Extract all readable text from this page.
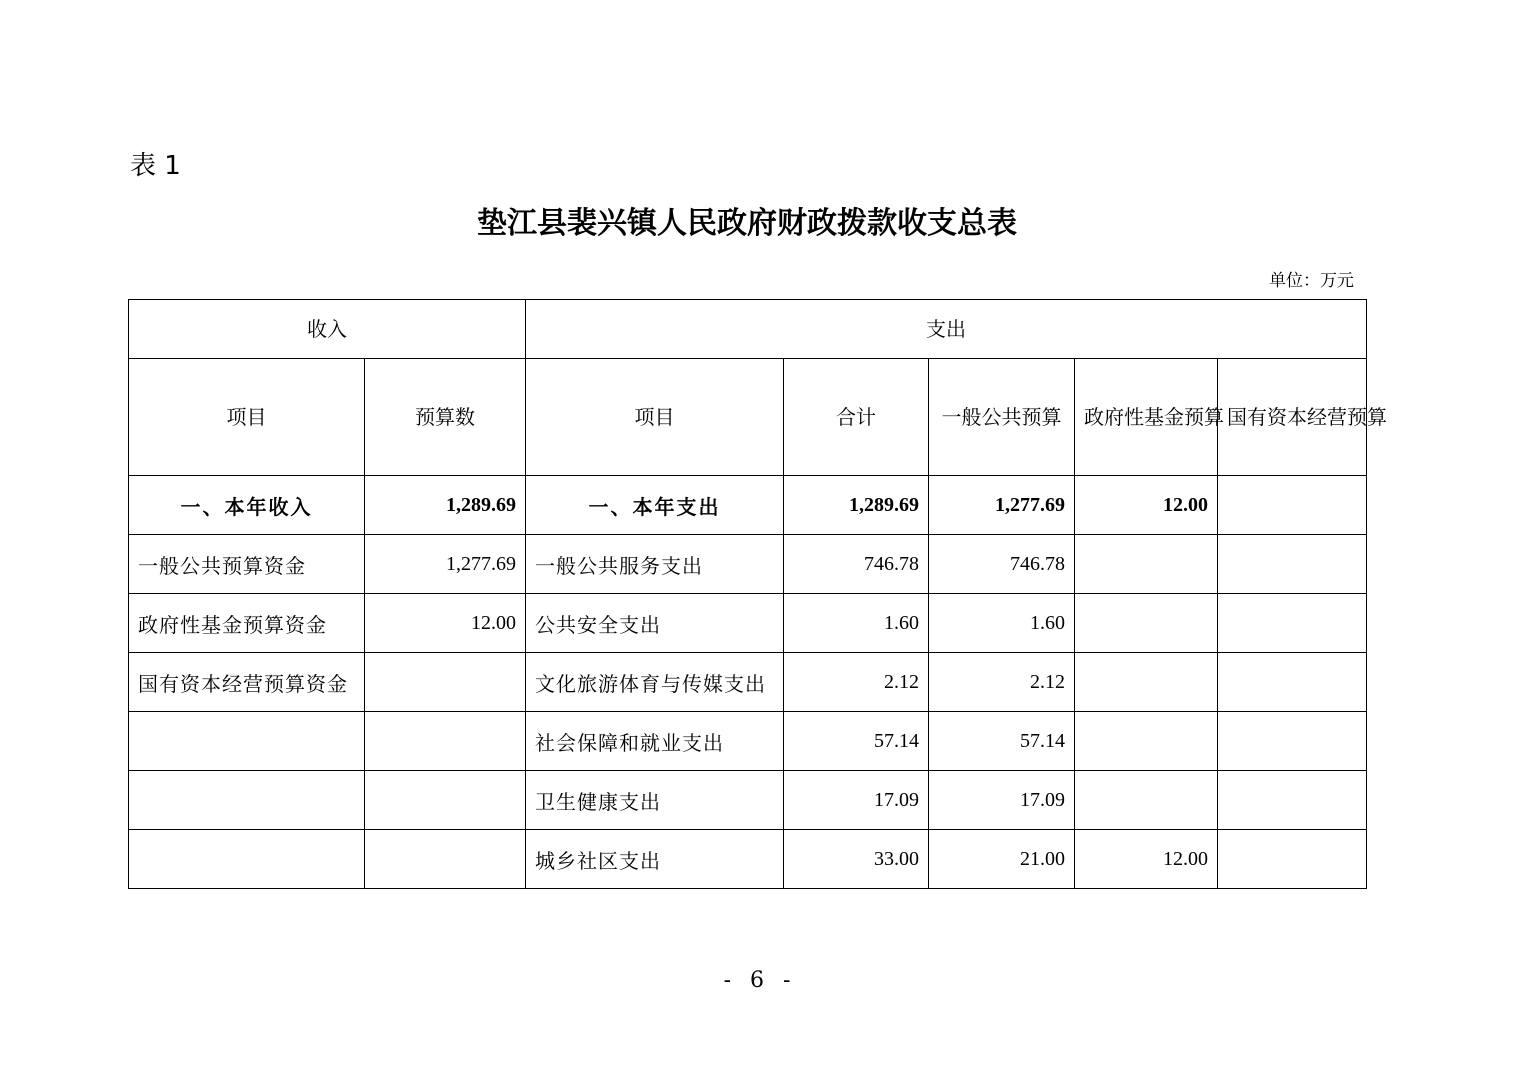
表 1
垫江县裴兴镇人民政府财政拨款收支总表
单位：万元
收入		支出				
项目	预算数	项目	合计	一般公共预算	政府性基金预算	国有资本经营预算
一、本年收入	1,289.69	一、本年支出	1,289.69	1,277.69	12.00	
一般公共预算资金	1,277.69	一般公共服务支出	746.78	746.78		
政府性基金预算资金	12.00	公共安全支出	1.60	1.60		
国有资本经营预算资金		文化旅游体育与传媒支出	2.12	2.12		
		社会保障和就业支出	57.14	57.14		
		卫生健康支出	17.09	17.09		
		城乡社区支出	33.00	21.00	12.00	
- 6 -
